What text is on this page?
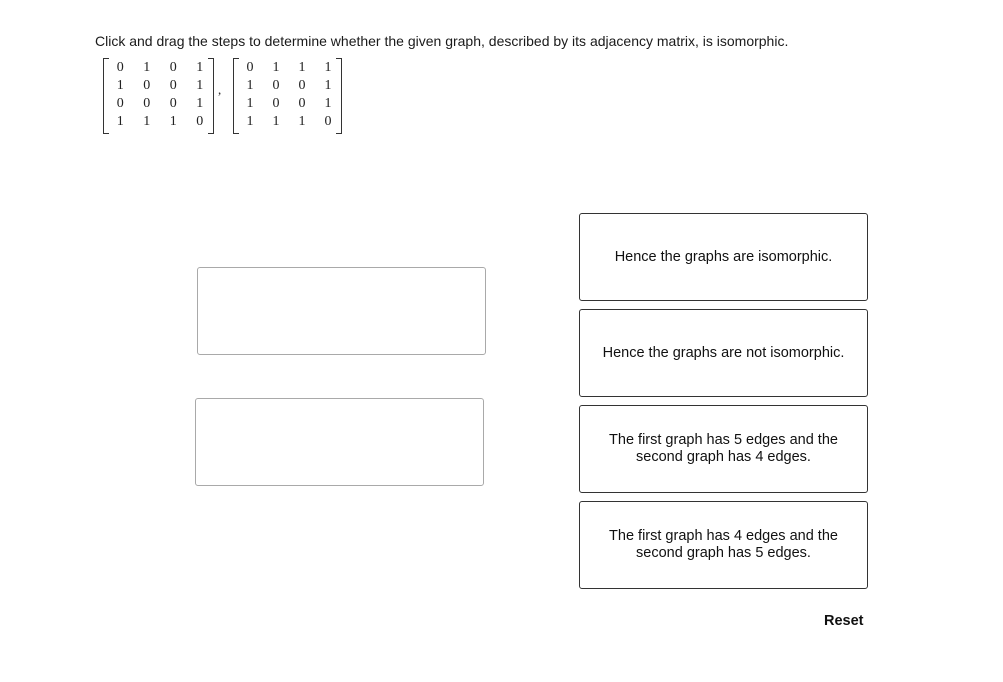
Click and drag the steps to determine whether the given graph, described by its adjacency matrix, is isomorphic.
0	1	0	1
1	0	0	1
0	0	0	1
1	1	1	0
,
0	1	1	1
1	0	0	1
1	0	0	1
1	1	1	0
Hence the graphs are isomorphic.
Hence the graphs are not isomorphic.
The first graph has 5 edges and the second graph has 4 edges.
The first graph has 4 edges and the second graph has 5 edges.
Reset
